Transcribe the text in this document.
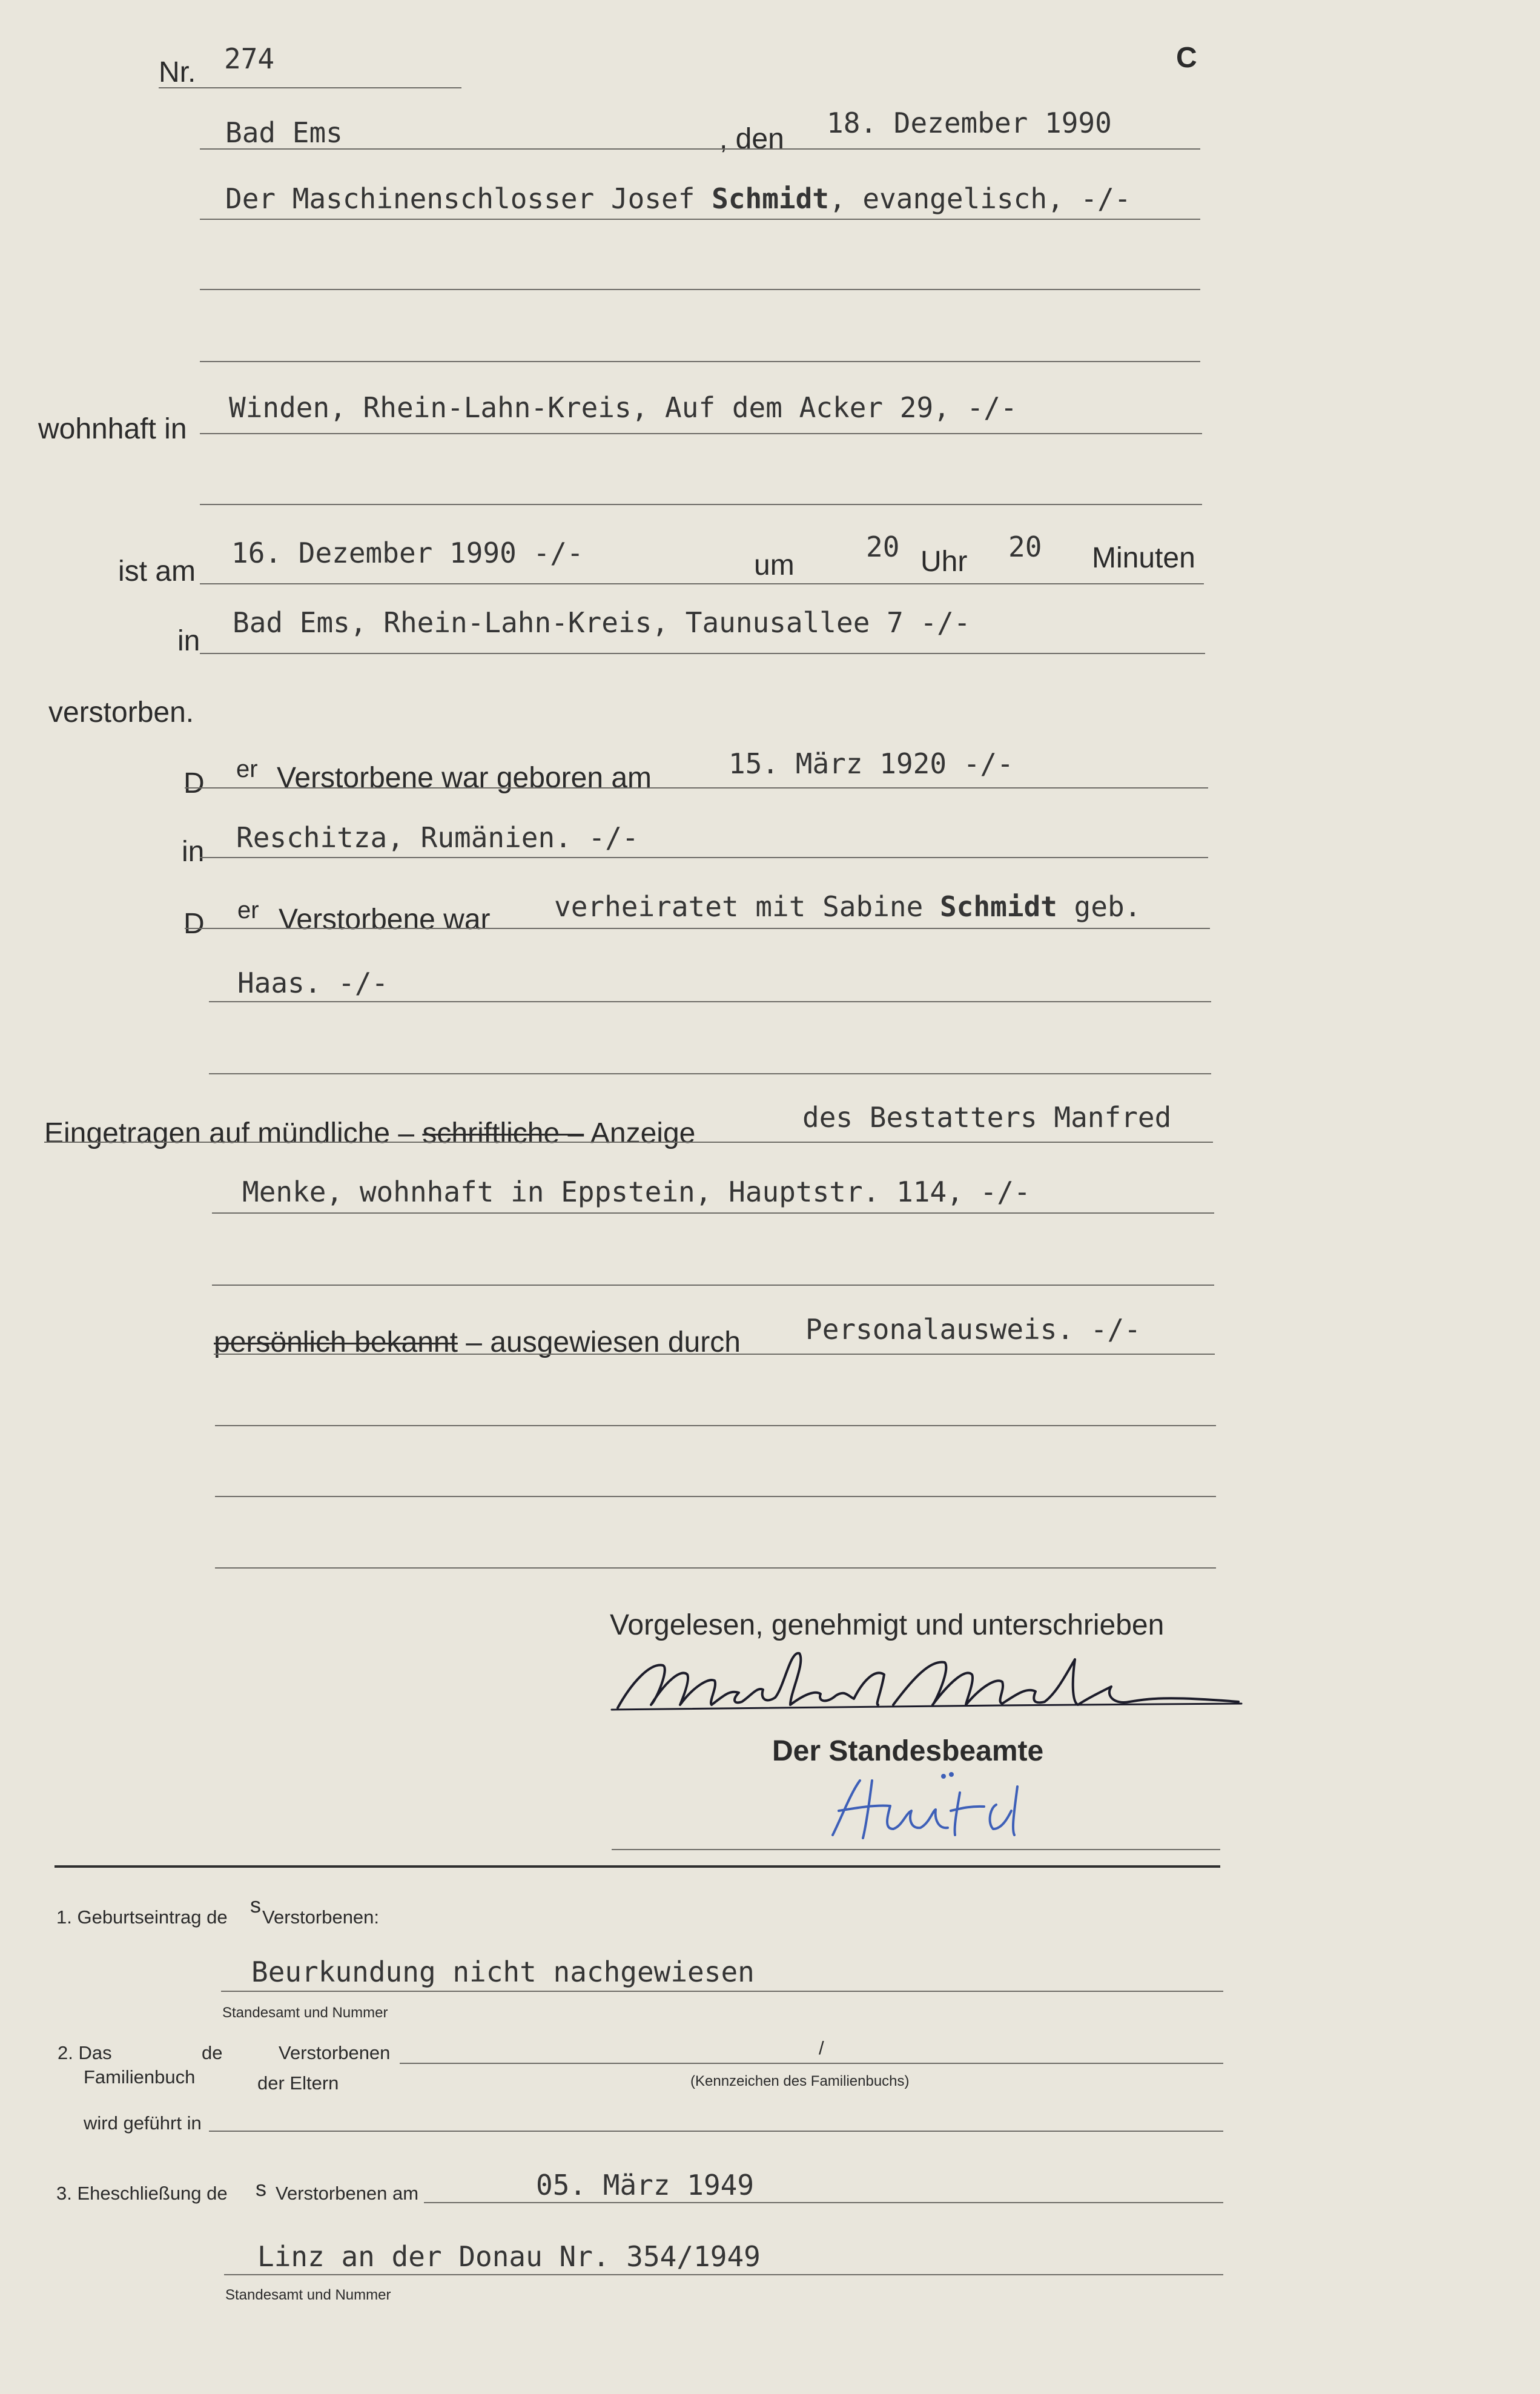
Nr. 274	C
Bad Ems	, den 18. Dezember 1990
Der Maschinenschlosser Josef Schmidt, evangelisch, -/-
wohnhaft in
Winden, Rhein-Lahn-Kreis, Auf dem Acker 29, -/-
ist am
16. Dezember 1990 -/-	um
20 Uhr 20 Minuten
in
Bad Ems, Rhein-Lahn-Kreis, Taunusallee 7 -/-
verstorben.
D er Verstorbene war geboren am	15. März 1920 -/-
in Reschitza, Rumänien. -/-
D er Verstorbene war verheiratet mit Sabine Schmidt geb.
Haas. -/-
Eingetragen auf mündliche – schriftliche – Anzeige	des Bestatters Manfred
Menke, wohnhaft in Eppstein, Hauptstr. 114, -/-
persönlich bekannt – ausgewiesen durch Personalausweis. -/-
Vorgelesen, genehmigt und unterschrieben
Der Standesbeamte
1. Geburtseintrag de s Verstorbenen:
Beurkundung nicht nachgewiesen
Standesamt und Nummer
2. Das
Familienbuch
de	Verstorbenen
der Eltern
/
(Kennzeichen des Familienbuchs)
wird geführt in
3. Eheschließung de s Verstorbenen am	05. März 1949
Linz an der Donau Nr. 354/1949
Standesamt und Nummer
